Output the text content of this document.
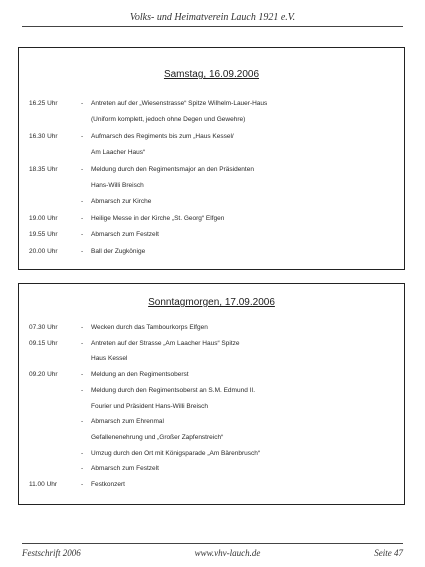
Volks- und Heimatverein Lauch 1921 e.V.
Samstag, 16.09.2006
16.25 Uhr	-	Antreten auf der „Wiesenstrasse“ Spitze Wilhelm-Lauer-Haus
(Uniform komplett, jedoch ohne Degen und Gewehre)
16.30 Uhr	-	Aufmarsch des Regiments bis zum „Haus Kessel/
Am Laacher Haus“
18.35 Uhr	-	Meldung durch den Regimentsmajor an den Präsidenten
Hans-Willi Breisch
-	Abmarsch zur Kirche
19.00 Uhr	-	Heilige Messe in der Kirche „St. Georg“ Elfgen
19.55 Uhr	-	Abmarsch zum Festzelt
20.00 Uhr	-	Ball der Zugkönige
Sonntagmorgen, 17.09.2006
07.30 Uhr	-	Wecken durch das Tambourkorps Elfgen
09.15 Uhr	-	Antreten auf der Strasse „Am Laacher Haus“ Spitze
Haus Kessel
09.20 Uhr	-	Meldung an den Regimentsoberst
-	Meldung durch den Regimentsoberst an S.M. Edmund II.
Fourier und Präsident Hans-Willi Breisch
-	Abmarsch zum Ehrenmal
Gefallenenehrung und „Großer Zapfenstreich“
-	Umzug durch den Ort mit Königsparade „Am Bärenbrusch“
-	Abmarsch zum Festzelt
11.00 Uhr	-	Festkonzert
Festschrift 2006	www.vhv-lauch.de	Seite 47
